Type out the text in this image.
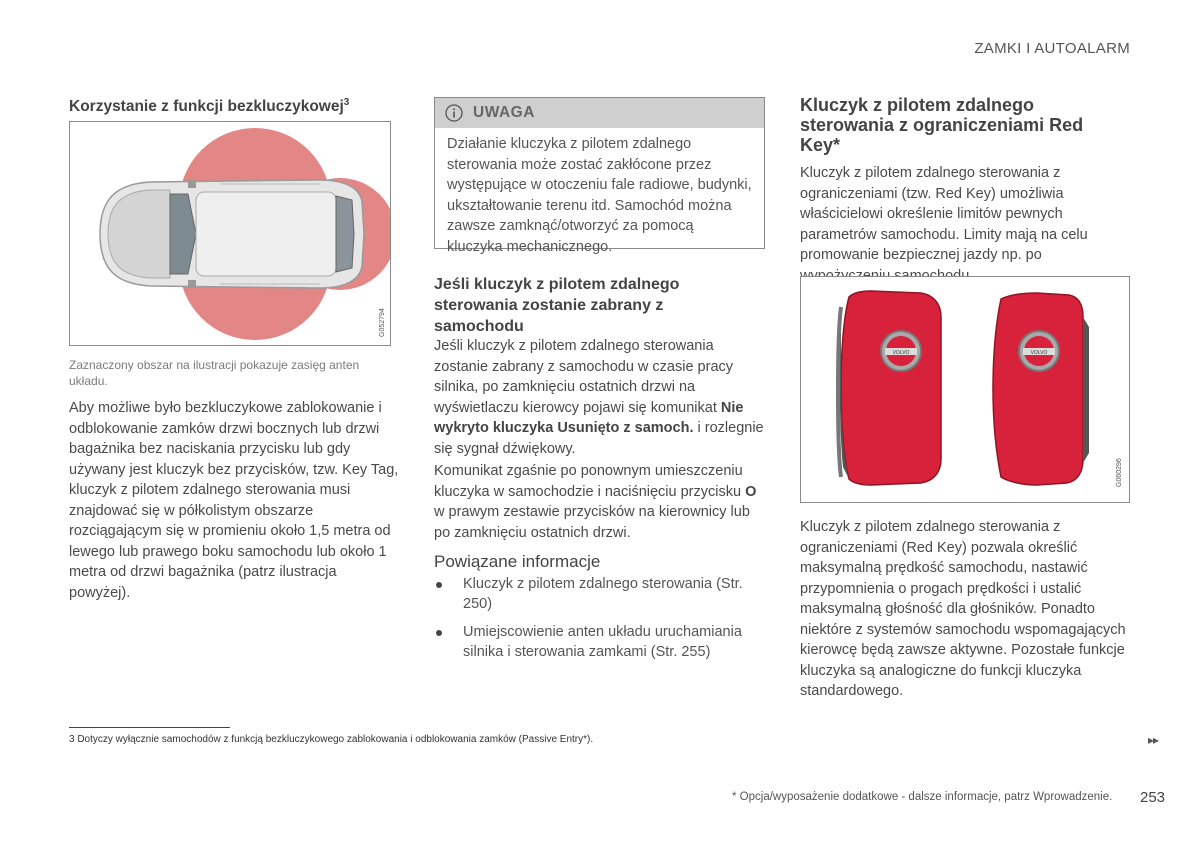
ZAMKI I AUTOALARM
Korzystanie z funkcji bezkluczykowej$^3$
G052794
Zaznaczony obszar na ilustracji pokazuje zasięg anten układu.
Aby możliwe było bezkluczykowe zablokowanie i odblokowanie zamków drzwi bocznych lub drzwi bagażnika bez naciskania przycisku lub gdy używany jest kluczyk bez przycisków, tzw. Key Tag, kluczyk z pilotem zdalnego sterowania musi znajdować się w półkolistym obszarze rozciągającym się w promieniu około 1,5 metra od lewego lub prawego boku samochodu lub około 1 metra od drzwi bagażnika (patrz ilustracja powyżej).
UWAGA
Działanie kluczyka z pilotem zdalnego sterowania może zostać zakłócone przez występujące w otoczeniu fale radiowe, budynki, ukształtowanie terenu itd. Samochód można zawsze zamknąć/otworzyć za pomocą kluczyka mechanicznego.
Jeśli kluczyk z pilotem zdalnego sterowania zostanie zabrany z samochodu
Jeśli kluczyk z pilotem zdalnego sterowania zostanie zabrany z samochodu w czasie pracy silnika, po zamknięciu ostatnich drzwi na wyświetlaczu kierowcy pojawi się komunikat Nie wykryto kluczyka Usunięto z samoch. i rozlegnie się sygnał dźwiękowy.
Komunikat zgaśnie po ponownym umieszczeniu kluczyka w samochodzie i naciśnięciu przycisku O w prawym zestawie przycisków na kierownicy lub po zamknięciu ostatnich drzwi.
Powiązane informacje
Kluczyk z pilotem zdalnego sterowania (Str. 250)
Umiejscowienie anten układu uruchamiania silnika i sterowania zamkami (Str. 255)
Kluczyk z pilotem zdalnego sterowania z ograniczeniami Red Key*
Kluczyk z pilotem zdalnego sterowania z ograniczeniami (tzw. Red Key) umożliwia właścicielowi określenie limitów pewnych parametrów samochodu. Limity mają na celu promowanie bezpiecznej jazdy np. po
VOLVO	VOLVO
G060296
Kluczyk z pilotem zdalnego sterowania z ograniczeniami (Red Key) pozwala określić maksymalną prędkość samochodu, nastawić przypomnienia o progach prędkości i ustalić maksymalną głośność dla głośników. Ponadto niektóre z systemów samochodu wspomagających kierowcę będą zawsze aktywne. Pozostałe funkcje kluczyka są analogiczne do funkcji kluczyka standardowego.
3 Dotyczy wyłącznie samochodów z funkcją bezkluczykowego zablokowania i odblokowania zamków (Passive Entry*).	▸▸
* Opcja/wyposażenie dodatkowe - dalsze informacje, patrz Wprowadzenie. 253
